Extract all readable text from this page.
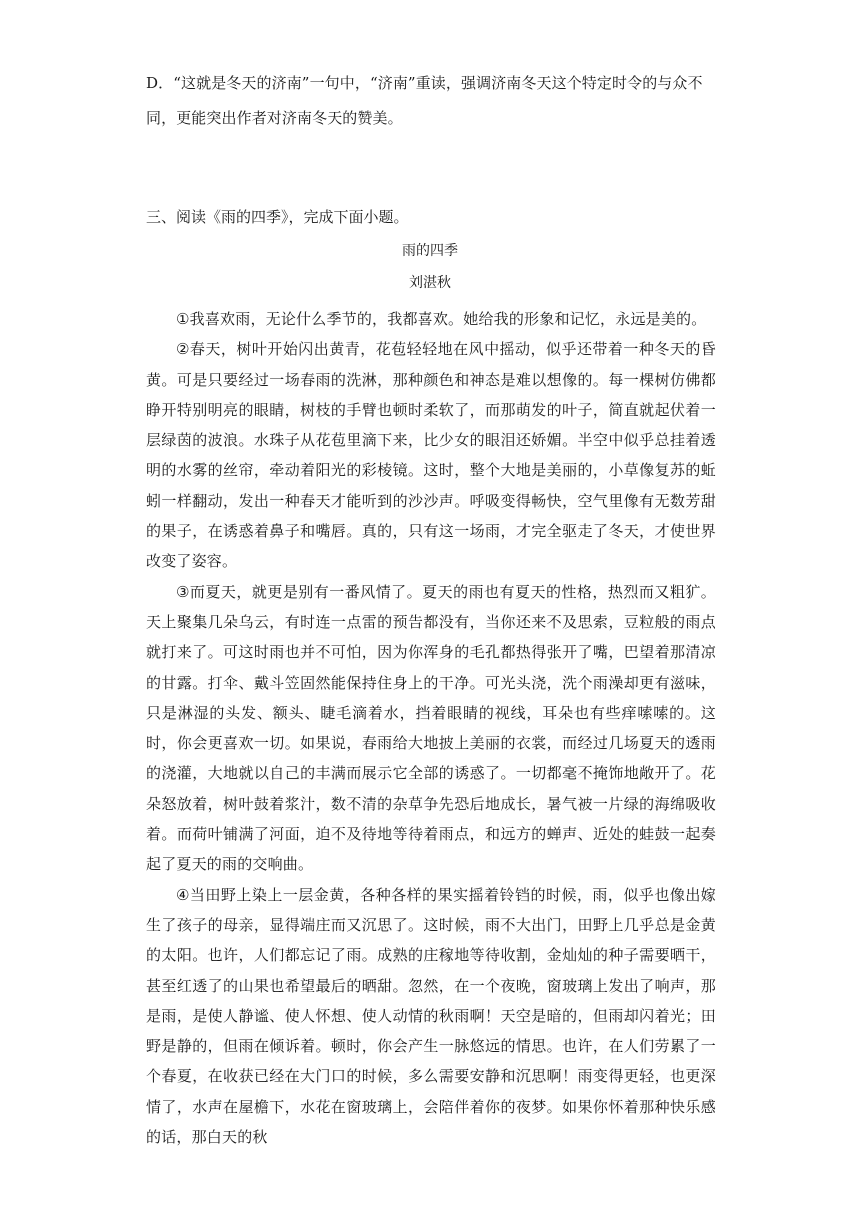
D．“这就是冬天的济南”一句中，“济南”重读，强调济南冬天这个特定时令的与众不同，更能突出作者对济南冬天的赞美。
三、阅读《雨的四季》，完成下面小题。
雨的四季
刘湛秋

①我喜欢雨，无论什么季节的，我都喜欢。她给我的形象和记忆，永远是美的。

②春天，树叶开始闪出黄青，花苞轻轻地在风中摇动，似乎还带着一种冬天的昏黄。可是只要经过一场春雨的洗淋，那种颜色和神态是难以想像的。每一棵树仿佛都睁开特别明亮的眼睛，树枝的手臂也顿时柔软了，而那萌发的叶子，简直就起伏着一层绿茵的波浪。水珠子从花苞里滴下来，比少女的眼泪还娇媚。半空中似乎总挂着透明的水雾的丝帘，牵动着阳光的彩棱镜。这时，整个大地是美丽的，小草像复苏的蚯蚓一样翻动，发出一种春天才能听到的沙沙声。呼吸变得畅快，空气里像有无数芳甜的果子，在诱惑着鼻子和嘴唇。真的，只有这一场雨，才完全驱走了冬天，才使世界改变了姿容。

③而夏天，就更是别有一番风情了。夏天的雨也有夏天的性格，热烈而又粗犷。天上聚集几朵乌云，有时连一点雷的预告都没有，当你还来不及思索，豆粒般的雨点就打来了。可这时雨也并不可怕，因为你浑身的毛孔都热得张开了嘴，巴望着那清凉的甘露。打伞、戴斗笠固然能保持住身上的干净。可光头浇，洗个雨澡却更有滋味，只是淋湿的头发、额头、睫毛滴着水，挡着眼睛的视线，耳朵也有些痒嗦嗦的。这时，你会更喜欢一切。如果说，春雨给大地披上美丽的衣裳，而经过几场夏天的透雨的浇灌，大地就以自己的丰满而展示它全部的诱惑了。一切都毫不掩饰地敞开了。花朵怒放着，树叶鼓着浆汁，数不清的杂草争先恐后地成长，暑气被一片绿的海绵吸收着。而荷叶铺满了河面，迫不及待地等待着雨点，和远方的蝉声、近处的蛙鼓一起奏起了夏天的雨的交响曲。

④当田野上染上一层金黄，各种各样的果实摇着铃铛的时候，雨，似乎也像出嫁生了孩子的母亲，显得端庄而又沉思了。这时候，雨不大出门，田野上几乎总是金黄的太阳。也许，人们都忘记了雨。成熟的庄稼地等待收割，金灿灿的种子需要晒干，甚至红透了的山果也希望最后的晒甜。忽然，在一个夜晚，窗玻璃上发出了响声，那是雨，是使人静谧、使人怀想、使人动情的秋雨啊！天空是暗的，但雨却闪着光；田野是静的，但雨在倾诉着。顿时，你会产生一脉悠远的情思。也许，在人们劳累了一个春夏，在收获已经在大门口的时候，多么需要安静和沉思啊！雨变得更轻，也更深情了，水声在屋檐下，水花在窗玻璃上，会陪伴着你的夜梦。如果你怀着那种快乐感的话，那白天的秋
